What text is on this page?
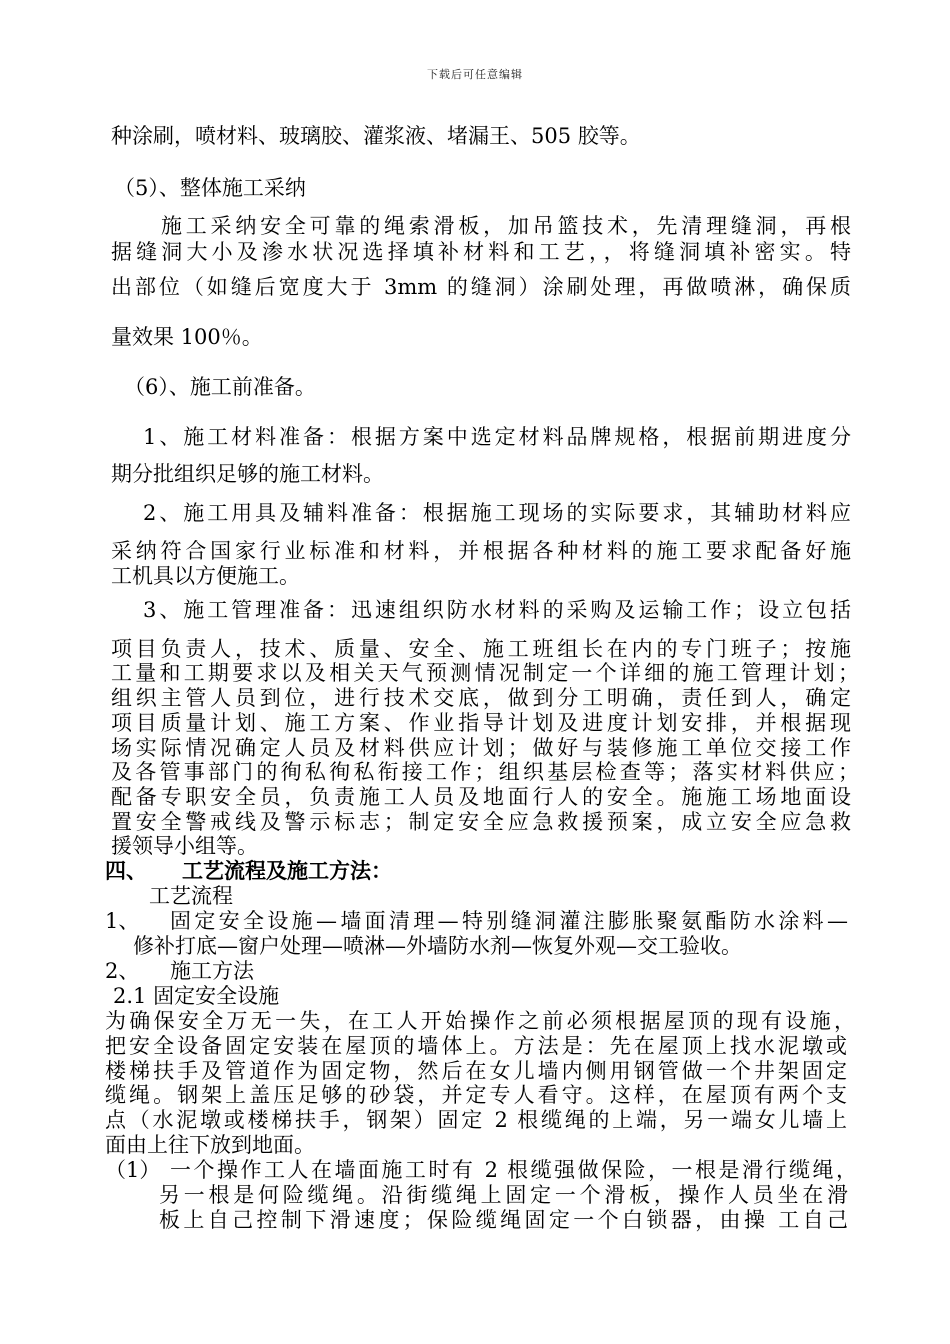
下载后可任意编辑
种涂刷，喷材料、玻璃胶、灌浆液、堵漏王、505 胶等。
（5）、整体施工采纳
施工采纳安全可靠的绳索滑板，加吊篮技术，先清理缝洞，再根
据缝洞大小及渗水状况选择填补材料和工艺，，将缝洞填补密实。特
出部位（如缝后宽度大于 3mm 的缝洞）涂刷处理，再做喷淋，确保质
量效果 100％。
（6）、施工前准备。
1、施工材料准备：根据方案中选定材料品牌规格，根据前期进度分
期分批组织足够的施工材料。
2、施工用具及辅料准备：根据施工现场的实际要求，其辅助材料应
采纳符合国家行业标准和材料，并根据各种材料的施工要求配备好施
工机具以方便施工。
3、施工管理准备：迅速组织防水材料的采购及运输工作；设立包括
项目负责人，技术、质量、安全、施工班组长在内的专门班子；按施
工量和工期要求以及相关天气预测情况制定一个详细的施工管理计划；
组织主管人员到位，进行技术交底，做到分工明确，责任到人，确定
项目质量计划、施工方案、作业指导计划及进度计划安排，并根据现
场实际情况确定人员及材料供应计划；做好与装修施工单位交接工作
及各管事部门的徇私徇私衔接工作；组织基层检查等；落实材料供应；
配备专职安全员，负责施工人员及地面行人的安全。施施工场地面设
置安全警戒线及警示标志；制定安全应急救援预案，成立安全应急救
援领导小组等。
四、 工艺流程及施工方法：
工艺流程
1、 固定安全设施—墙面清理—特别缝洞灌注膨胀聚氨酯防水涂料—
修补打底—窗户处理—喷淋—外墙防水剂—恢复外观—交工验收。
2、 施工方法
2.1 固定安全设施
为确保安全万无一失，在工人开始操作之前必须根据屋顶的现有设施，
把安全设备固定安装在屋顶的墙体上。方法是：先在屋顶上找水泥墩或
楼梯扶手及管道作为固定物，然后在女儿墙内侧用钢管做一个井架固定
缆绳。钢架上盖压足够的砂袋，并定专人看守。这样，在屋顶有两个支
点（水泥墩或楼梯扶手，钢架）固定 2 根缆绳的上端，另一端女儿墙上
面由上往下放到地面。
（1） 一个操作工人在墙面施工时有 2 根缆强做保险，一根是滑行缆绳，
另一根是何险缆绳。沿街缆绳上固定一个滑板，操作人员坐在滑
板上自己控制下滑速度；保险缆绳固定一个白锁器，由操 工自己
